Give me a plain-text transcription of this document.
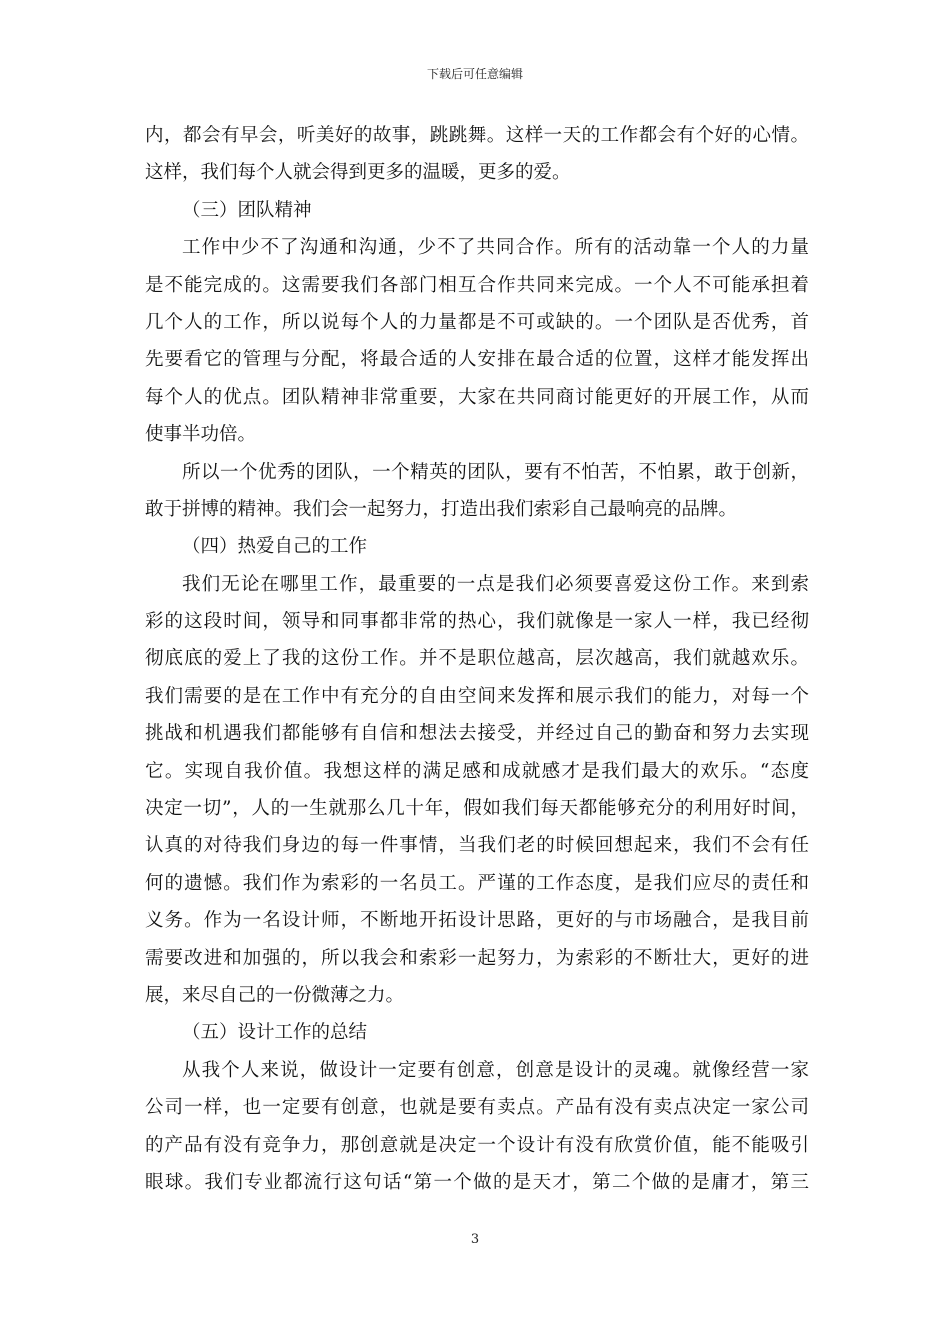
下载后可任意编辑
内，都会有早会，听美好的故事，跳跳舞。这样一天的工作都会有个好的心情。
这样，我们每个人就会得到更多的温暖，更多的爱。
（三）团队精神
工作中少不了沟通和沟通，少不了共同合作。所有的活动靠一个人的力量
是不能完成的。这需要我们各部门相互合作共同来完成。一个人不可能承担着
几个人的工作，所以说每个人的力量都是不可或缺的。一个团队是否优秀，首
先要看它的管理与分配，将最合适的人安排在最合适的位置，这样才能发挥出
每个人的优点。团队精神非常重要，大家在共同商讨能更好的开展工作，从而
使事半功倍。
所以一个优秀的团队，一个精英的团队，要有不怕苦，不怕累，敢于创新，
敢于拼博的精神。我们会一起努力，打造出我们索彩自己最响亮的品牌。
（四）热爱自己的工作
我们无论在哪里工作，最重要的一点是我们必须要喜爱这份工作。来到索
彩的这段时间，领导和同事都非常的热心，我们就像是一家人一样，我已经彻
彻底底的爱上了我的这份工作。并不是职位越高，层次越高，我们就越欢乐。
我们需要的是在工作中有充分的自由空间来发挥和展示我们的能力，对每一个
挑战和机遇我们都能够有自信和想法去接受，并经过自己的勤奋和努力去实现
它。实现自我价值。我想这样的满足感和成就感才是我们最大的欢乐。“态度
决定一切”，人的一生就那么几十年，假如我们每天都能够充分的利用好时间，
认真的对待我们身边的每一件事情，当我们老的时候回想起来，我们不会有任
何的遗憾。我们作为索彩的一名员工。严谨的工作态度，是我们应尽的责任和
义务。作为一名设计师，不断地开拓设计思路，更好的与市场融合，是我目前
需要改进和加强的，所以我会和索彩一起努力，为索彩的不断壮大，更好的进
展，来尽自己的一份微薄之力。
（五）设计工作的总结
从我个人来说，做设计一定要有创意，创意是设计的灵魂。就像经营一家
公司一样，也一定要有创意，也就是要有卖点。产品有没有卖点决定一家公司
的产品有没有竞争力，那创意就是决定一个设计有没有欣赏价值，能不能吸引
眼球。我们专业都流行这句话“第一个做的是天才，第二个做的是庸才，第三
3
